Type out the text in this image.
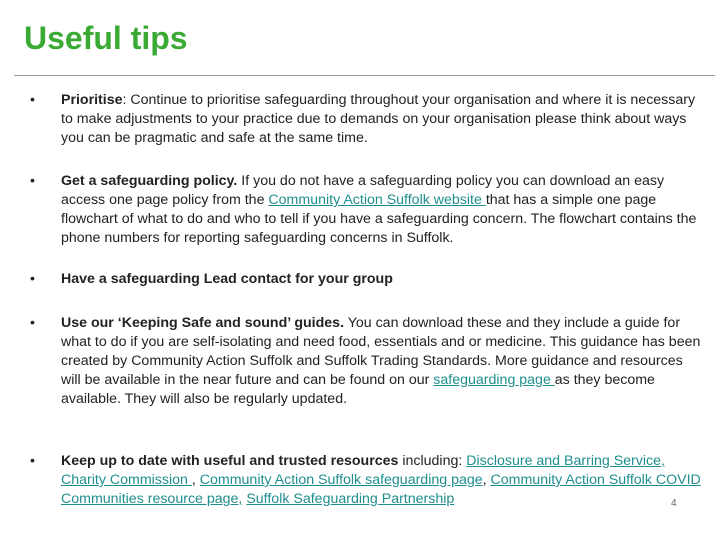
Useful tips
•	Prioritise: Continue to prioritise safeguarding throughout your organisation and where it is necessary to make adjustments to your practice due to demands on your organisation please think about ways you can be pragmatic and safe at the same time.
•	Get a safeguarding policy. If you do not have a safeguarding policy you can download an easy access one page policy from the Community Action Suffolk website that has a simple one page flowchart of what to do and who to tell if you have a safeguarding concern. The flowchart contains the phone numbers for reporting safeguarding concerns in Suffolk.
•	Have a safeguarding Lead contact for your group
•	Use our ‘Keeping Safe and sound’ guides. You can download these and they include a guide for what to do if you are self-isolating and need food, essentials and or medicine. This guidance has been created by Community Action Suffolk and Suffolk Trading Standards. More guidance and resources will be available in the near future and can be found on our safeguarding page as they become available. They will also be regularly updated.
•	Keep up to date with useful and trusted resources including: Disclosure and Barring Service, Charity Commission , Community Action Suffolk safeguarding page, Community Action Suffolk COVID Communities resource page, Suffolk Safeguarding Partnership	4
